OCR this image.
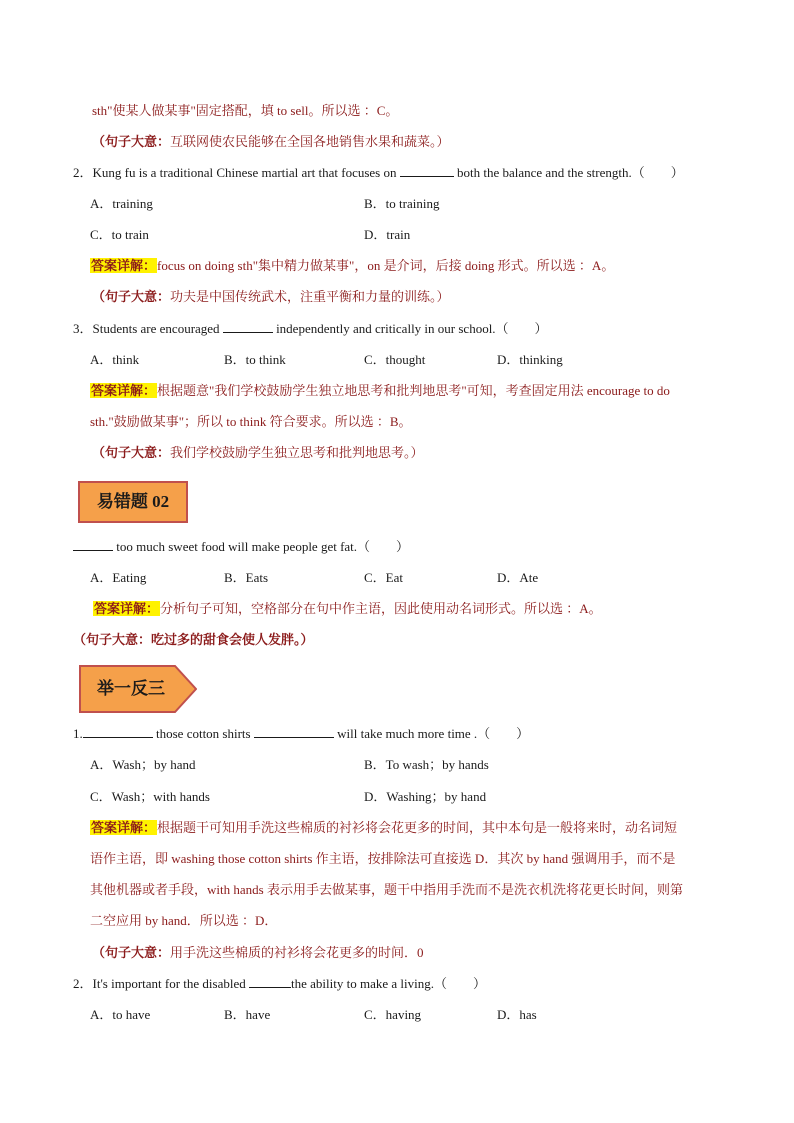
sth"使某人做某事"固定搭配，填 to sell。所以选 ：C。
（句子大意：互联网使农民能够在全国各地销售水果和蔬菜。）
2．Kung fu is a traditional Chinese martial art that focuses on	both the balance and the strength.（　　）
A．training	B．to training
C．to train	D．train
答案详解：focus on doing sth"集中精力做某事"，on 是介词，后接 doing 形式。所以选 ：A。
（句子大意：功夫是中国传统武术，注重平衡和力量的训练。）
3．Students are encouraged	independently and critically in our school.（　　）
A．think	B．to think	C．thought	D．thinking
答案详解：根据题意"我们学校鼓励学生独立地思考和批判地思考"可知，考查固定用法 encourage to do
sth."鼓励做某事"；所以 to think 符合要求。所以选 ：B。
（句子大意：我们学校鼓励学生独立思考和批判地思考。）
易错题 02
too much sweet food will make people get fat.（　　）
A．Eating	B．Eats	C．Eat	D．Ate
答案详解：分析句子可知，空格部分在句中作主语，因此使用动名词形式。所以选 ：A。
（句子大意：吃过多的甜食会使人发胖。）
举一反三
1.	those cotton shirts	will take much more time .（　　）
A．Wash；by hand	B．To wash；by hands
C．Wash；with hands	D．Washing；by hand
答案详解：根据题干可知用手洗这些棉质的衬衫将会花更多的时间，其中本句是一般将来时，动名词短
语作主语，即 washing those cotton shirts 作主语，按排除法可直接选 D．其次 by hand 强调用手，而不是
其他机器或者手段，with hands 表示用手去做某事，题干中指用手洗而不是洗衣机洗将花更长时间，则第
二空应用 by hand．所以选 ：D．
（句子大意：用手洗这些棉质的衬衫将会花更多的时间．0
2．It's important for the disabled	the ability to make a living.（　　）
A．to have	B．have	C．having	D．has
